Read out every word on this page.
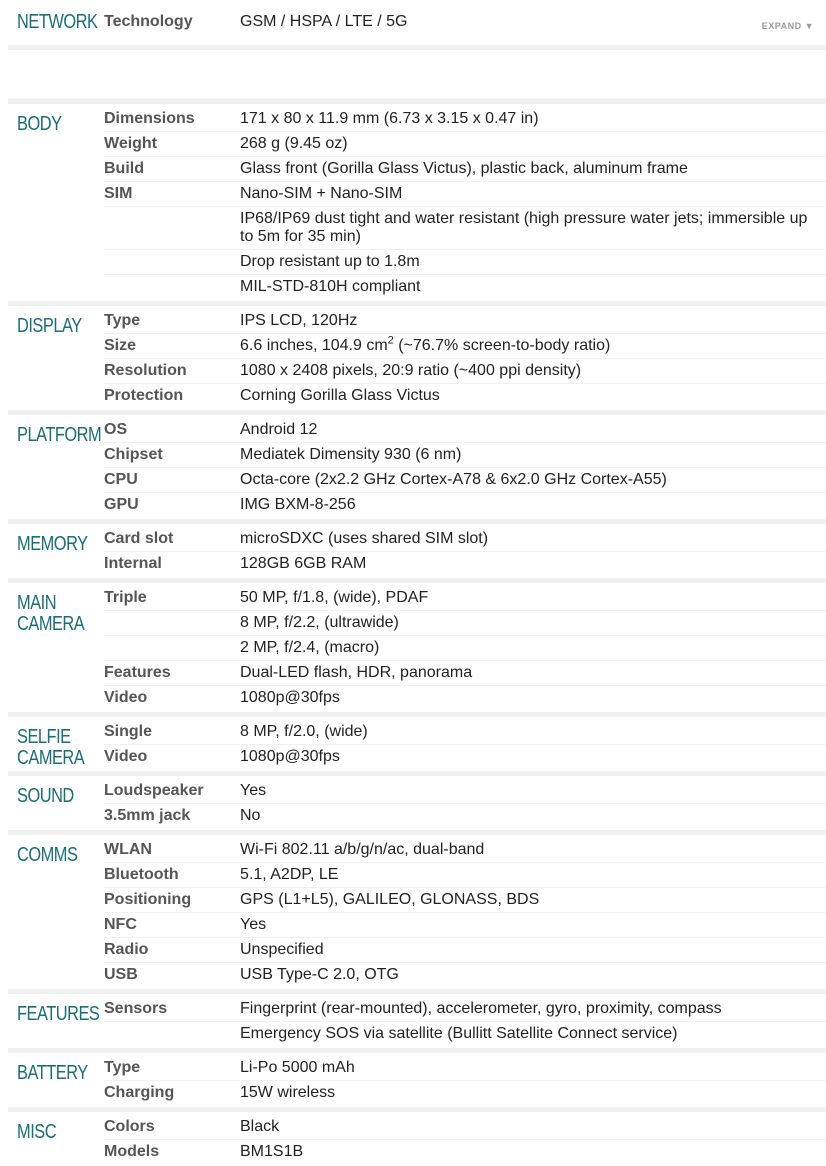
NETWORK	Technology	GSM / HSPA / LTE / 5G EXPAND ▼

BODY	Dimensions	171 x 80 x 11.9 mm (6.73 x 3.15 x 0.47 in)
	Weight	268 g (9.45 oz)
	Build	Glass front (Gorilla Glass Victus), plastic back, aluminum frame
	SIM	Nano-SIM + Nano-SIM
		IP68/IP69 dust tight and water resistant (high pressure water jets; immersible up to 5m for 35 min)
		Drop resistant up to 1.8m
		MIL-STD-810H compliant

DISPLAY	Type	IPS LCD, 120Hz
	Size	6.6 inches, 104.9 $cm^2$ (~76.7% screen-to-body ratio)
	Resolution	1080 x 2408 pixels, 20:9 ratio (~400 ppi density)
	Protection	Corning Gorilla Glass Victus

PLATFORM	OS	Android 12
	Chipset	Mediatek Dimensity 930 (6 nm)
	CPU	Octa-core (2x2.2 GHz Cortex-A78 & 6x2.0 GHz Cortex-A55)
	GPU	IMG BXM-8-256

MEMORY	Card slot	microSDXC (uses shared SIM slot)
	Internal	128GB 6GB RAM

MAIN
CAMERA	Triple	50 MP, f/1.8, (wide), PDAF
		8 MP, f/2.2, (ultrawide)
		2 MP, f/2.4, (macro)
	Features	Dual-LED flash, HDR, panorama
	Video	1080p@30fps

SELFIE
CAMERA	Single	8 MP, f/2.0, (wide)
	Video	1080p@30fps

SOUND	Loudspeaker	Yes
	3.5mm jack	No

COMMS	WLAN	Wi-Fi 802.11 a/b/g/n/ac, dual-band
	Bluetooth	5.1, A2DP, LE
	Positioning	GPS (L1+L5), GALILEO, GLONASS, BDS
	NFC	Yes
	Radio	Unspecified
	USB	USB Type-C 2.0, OTG

FEATURES	Sensors	Fingerprint (rear-mounted), accelerometer, gyro, proximity, compass
		Emergency SOS via satellite (Bullitt Satellite Connect service)

BATTERY	Type	Li-Po 5000 mAh
	Charging	15W wireless

MISC	Colors	Black
	Models	BM1S1B
